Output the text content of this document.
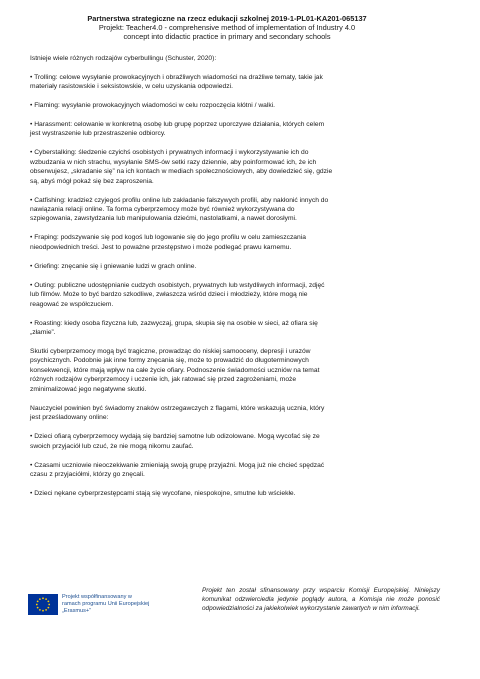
Partnerstwa strategiczne na rzecz edukacji szkolnej 2019-1-PL01-KA201-065137
Projekt: Teacher4.0 - comprehensive method of implementation of Industry 4.0
concept into didactic practice in primary and secondary schools

Istnieje wiele różnych rodzajów cyberbullingu (Schuster, 2020):

• Trolling: celowe wysyłanie prowokacyjnych i obraźliwych wiadomości na drażliwe tematy, takie jak

materiały rasistowskie i seksistowskie, w celu uzyskania odpowiedzi.

• Flaming: wysyłanie prowokacyjnych wiadomości w celu rozpoczęcia kłótni / walki.

• Harassment: celowanie w konkretną osobę lub grupę poprzez uporczywe działania, których celem

jest wystraszenie lub przestraszenie odbiorcy.

• Cyberstalking: śledzenie czyichś osobistych i prywatnych informacji i wykorzystywanie ich do

wzbudzania w nich strachu, wysyłanie SMS-ów setki razy dziennie, aby poinformować ich, że ich

obserwujesz, „skradanie się” na ich kontach w mediach społecznościowych, aby dowiedzieć się, gdzie

są, abyś mógł pokaż się bez zaproszenia.

• Catfishing: kradzież czyjegoś profilu online lub zakładanie fałszywych profili, aby nakłonić innych do

nawiązania relacji online. Ta forma cyberprzemocy może być również wykorzystywana do

szpiegowania, zawstydzania lub manipulowania dziećmi, nastolatkami, a nawet dorosłymi.

• Fraping: podszywanie się pod kogoś lub logowanie się do jego profilu w celu zamieszczania

nieodpowiednich treści. Jest to poważne przestępstwo i może podlegać prawu karnemu.

• Griefing: znęcanie się i gniewanie ludzi w grach online.

• Outing: publiczne udostępnianie cudzych osobistych, prywatnych lub wstydliwych informacji, zdjęć

lub filmów. Może to być bardzo szkodliwe, zwłaszcza wśród dzieci i młodzieży, które mogą nie

reagować ze współczuciem.

• Roasting: kiedy osoba fizyczna lub, zazwyczaj, grupa, skupia się na osobie w sieci, aż ofiara się

„złamie”.

Skutki cyberprzemocy mogą być tragiczne, prowadząc do niskiej samooceny, depresji i urazów

psychicznych. Podobnie jak inne formy znęcania się, może to prowadzić do długoterminowych

konsekwencji, które mają wpływ na całe życie ofiary. Podnoszenie świadomości uczniów na temat

różnych rodzajów cyberprzemocy i uczenie ich, jak ratować się przed zagrożeniami, może

zminimalizować jego negatywne skutki.

Nauczyciel powinien być świadomy znaków ostrzegawczych z flagami, które wskazują ucznia, który

jest prześladowany online:

• Dzieci ofiarą cyberprzemocy wydają się bardziej samotne lub odizolowane. Mogą wycofać się ze

swoich przyjaciół lub czuć, że nie mogą nikomu zaufać.

• Czasami uczniowie nieoczekiwanie zmieniają swoją grupę przyjaźni. Mogą już nie chcieć spędzać

czasu z przyjaciółmi, którzy go znęcali.

• Dzieci nękane cyberprzestępcami stają się wycofane, niespokojne, smutne lub wściekłe.

Projekt współfinansowany w
ramach programu Unii Europejskiej
„Erasmus+”
Projekt ten został sfinansowany przy wsparciu Komisji Europejskiej. Niniejszy komunikat odzwierciedla jedynie poglądy autora, a Komisja nie może ponosić odpowiedzialności za jakiekolwiek wykorzystanie zawartych w nim informacji.
